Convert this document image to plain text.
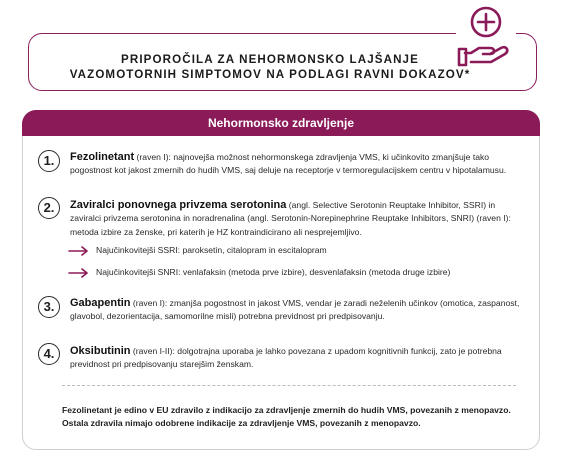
PRIPOROČILA ZA NEHORMONSKO LAJŠANJE
VAZOMOTORNIH SIMPTOMOV NA PODLAGI RAVNI DOKAZOV*
Nehormonsko zdravljenje
1.	Fezolinetant (raven I): najnovejša možnost nehormonskega zdravljenja VMS, ki učinkovito zmanjšuje tako pogostnost kot jakost zmernih do hudih VMS, saj deluje na receptorje v termoregulacijskem centru v hipotalamusu.
2.	Zaviralci ponovnega privzema serotonina (angl. Selective Serotonin Reuptake Inhibitor, SSRI) in zaviralci privzema serotonina in noradrenalina (angl. Serotonin-Norepinephrine Reuptake Inhibitors, SNRI) (raven I): metoda izbire za ženske, pri katerih je HZ kontraindicirano ali nesprejemljivo.
Najučinkovitejši SSRI: paroksetin, citalopram in escitalopram
Najučinkovitejši SNRI: venlafaksin (metoda prve izbire), desvenlafaksin (metoda druge izbire)
3.	Gabapentin (raven I): zmanjša pogostnost in jakost VMS, vendar je zaradi neželenih učinkov (omotica, zaspanost, glavobol, dezorientacija, samomorilne misli) potrebna previdnost pri predpisovanju.
4.	Oksibutinin (raven I-II): dolgotrajna uporaba je lahko povezana z upadom kognitivnih funkcij, zato je potrebna previdnost pri predpisovanju starejšim ženskam.
Fezolinetant je edino v EU zdravilo z indikacijo za zdravljenje zmernih do hudih VMS, povezanih z menopavzo. Ostala zdravila nimajo odobrene indikacije za zdravljenje VMS, povezanih z menopavzo.
